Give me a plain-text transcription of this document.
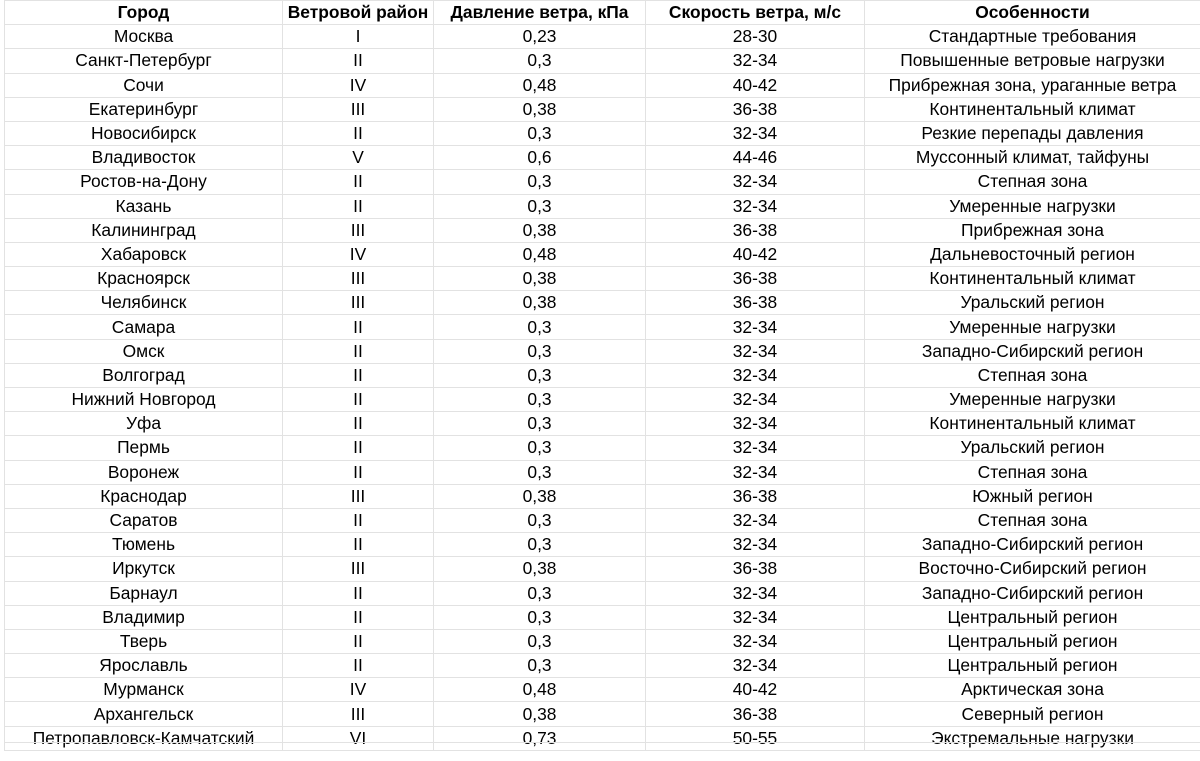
Город	Ветровой район	Давление ветра, кПа	Скорость ветра, м/с	Особенности
Москва	I	0,23	28-30	Стандартные требования
Санкт-Петербург	II	0,3	32-34	Повышенные ветровые нагрузки
Сочи	IV	0,48	40-42	Прибрежная зона, ураганные ветра
Екатеринбург	III	0,38	36-38	Континентальный климат
Новосибирск	II	0,3	32-34	Резкие перепады давления
Владивосток	V	0,6	44-46	Муссонный климат, тайфуны
Ростов-на-Дону	II	0,3	32-34	Степная зона
Казань	II	0,3	32-34	Умеренные нагрузки
Калининград	III	0,38	36-38	Прибрежная зона
Хабаровск	IV	0,48	40-42	Дальневосточный регион
Красноярск	III	0,38	36-38	Континентальный климат
Челябинск	III	0,38	36-38	Уральский регион
Самара	II	0,3	32-34	Умеренные нагрузки
Омск	II	0,3	32-34	Западно-Сибирский регион
Волгоград	II	0,3	32-34	Степная зона
Нижний Новгород	II	0,3	32-34	Умеренные нагрузки
Уфа	II	0,3	32-34	Континентальный климат
Пермь	II	0,3	32-34	Уральский регион
Воронеж	II	0,3	32-34	Степная зона
Краснодар	III	0,38	36-38	Южный регион
Саратов	II	0,3	32-34	Степная зона
Тюмень	II	0,3	32-34	Западно-Сибирский регион
Иркутск	III	0,38	36-38	Восточно-Сибирский регион
Барнаул	II	0,3	32-34	Западно-Сибирский регион
Владимир	II	0,3	32-34	Центральный регион
Тверь	II	0,3	32-34	Центральный регион
Ярославль	II	0,3	32-34	Центральный регион
Мурманск	IV	0,48	40-42	Арктическая зона
Архангельск	III	0,38	36-38	Северный регион
Петропавловск-Камчатский	VI	0,73	50-55	Экстремальные нагрузки
